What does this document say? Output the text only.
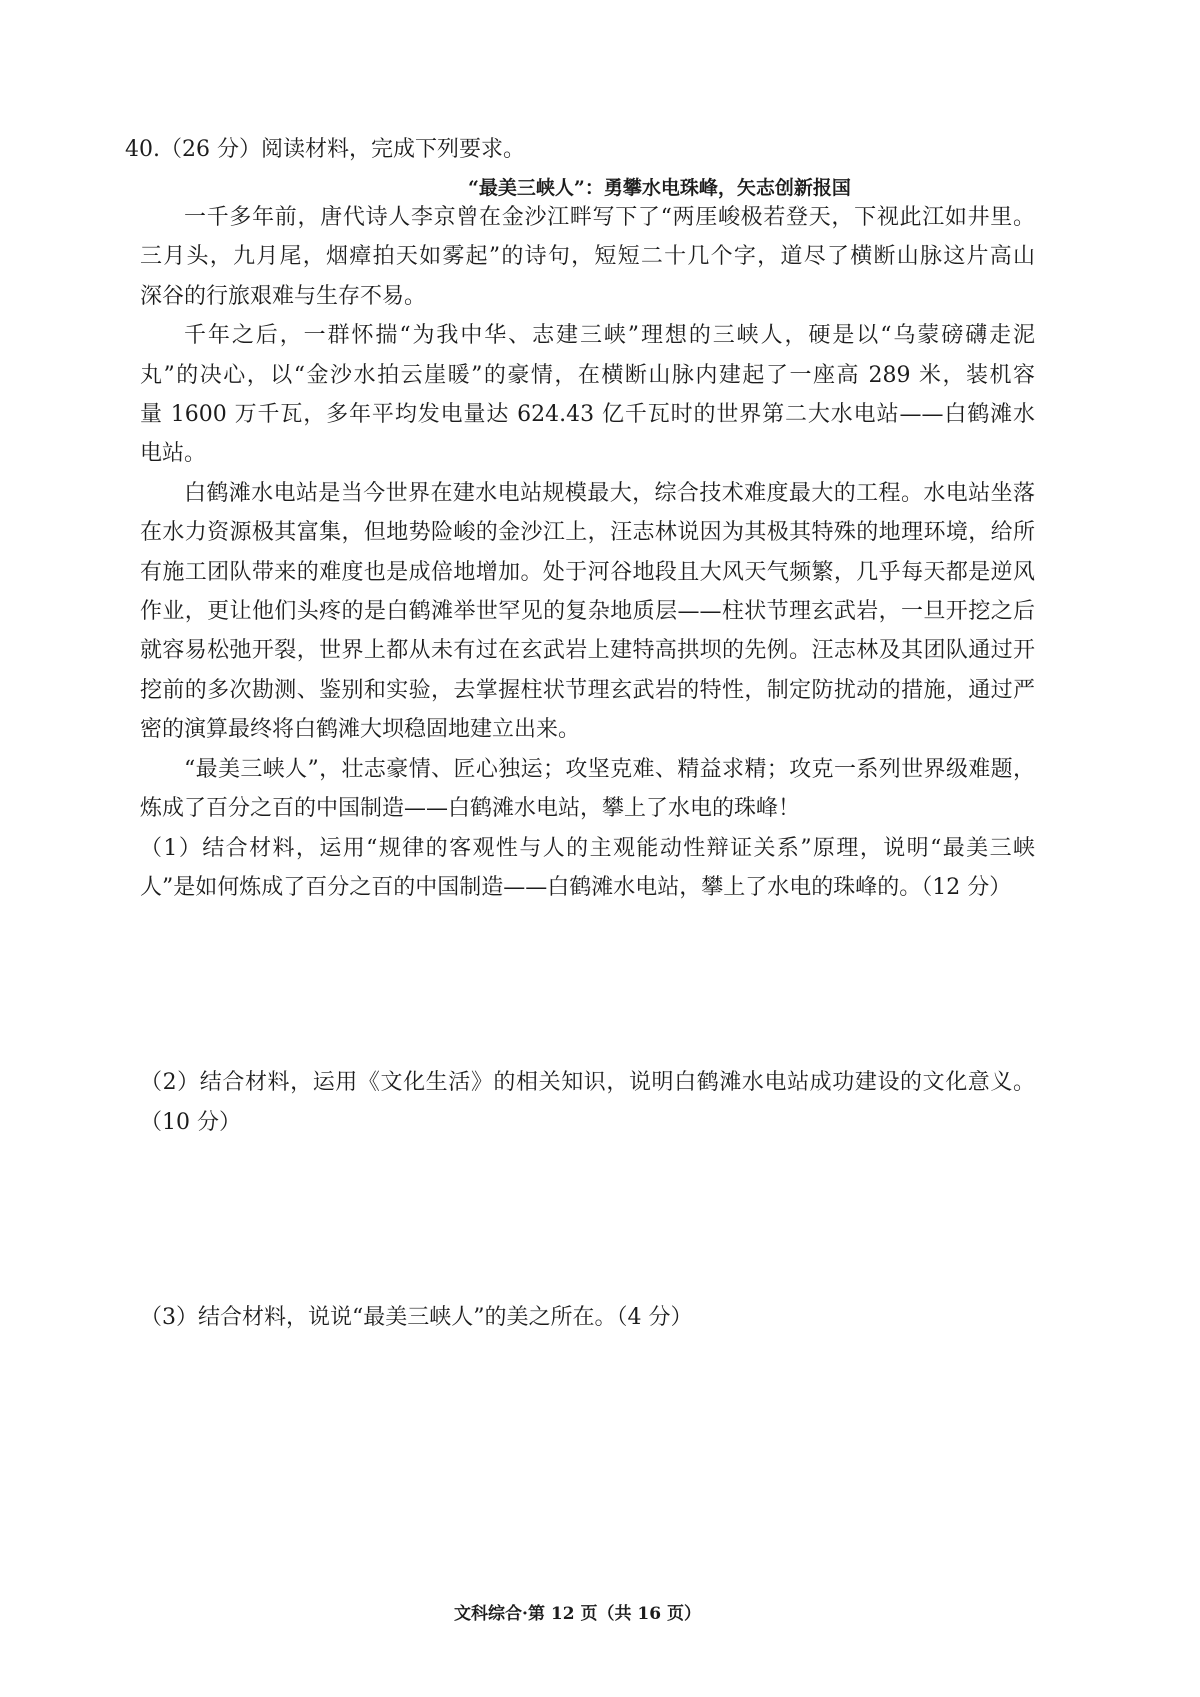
40.（26 分）阅读材料，完成下列要求。
“最美三峡人”：勇攀水电珠峰，矢志创新报国
一千多年前，唐代诗人李京曾在金沙江畔写下了“两厓峻极若登天，下视此江如井里。
三月头，九月尾，烟瘴拍天如雾起”的诗句，短短二十几个字，道尽了横断山脉这片高山
深谷的行旅艰难与生存不易。
千年之后，一群怀揣“为我中华、志建三峡”理想的三峡人，硬是以“乌蒙磅礴走泥
丸”的决心，以“金沙水拍云崖暖”的豪情，在横断山脉内建起了一座高 289 米，装机容
量 1600 万千瓦，多年平均发电量达 624.43 亿千瓦时的世界第二大水电站——白鹤滩水
电站。
白鹤滩水电站是当今世界在建水电站规模最大，综合技术难度最大的工程。水电站坐落
在水力资源极其富集，但地势险峻的金沙江上，汪志林说因为其极其特殊的地理环境，给所
有施工团队带来的难度也是成倍地增加。处于河谷地段且大风天气频繁，几乎每天都是逆风
作业，更让他们头疼的是白鹤滩举世罕见的复杂地质层——柱状节理玄武岩，一旦开挖之后
就容易松弛开裂，世界上都从未有过在玄武岩上建特高拱坝的先例。汪志林及其团队通过开
挖前的多次勘测、鉴别和实验，去掌握柱状节理玄武岩的特性，制定防扰动的措施，通过严
密的演算最终将白鹤滩大坝稳固地建立出来。
“最美三峡人”，壮志豪情、匠心独运；攻坚克难、精益求精；攻克一系列世界级难题，
炼成了百分之百的中国制造——白鹤滩水电站，攀上了水电的珠峰！
（1）结合材料，运用“规律的客观性与人的主观能动性辩证关系”原理，说明“最美三峡
人”是如何炼成了百分之百的中国制造——白鹤滩水电站，攀上了水电的珠峰的。（12 分）
（2）结合材料，运用《文化生活》的相关知识，说明白鹤滩水电站成功建设的文化意义。
（10 分）
（3）结合材料，说说“最美三峡人”的美之所在。（4 分）
文科综合·第 12 页（共 16 页）
